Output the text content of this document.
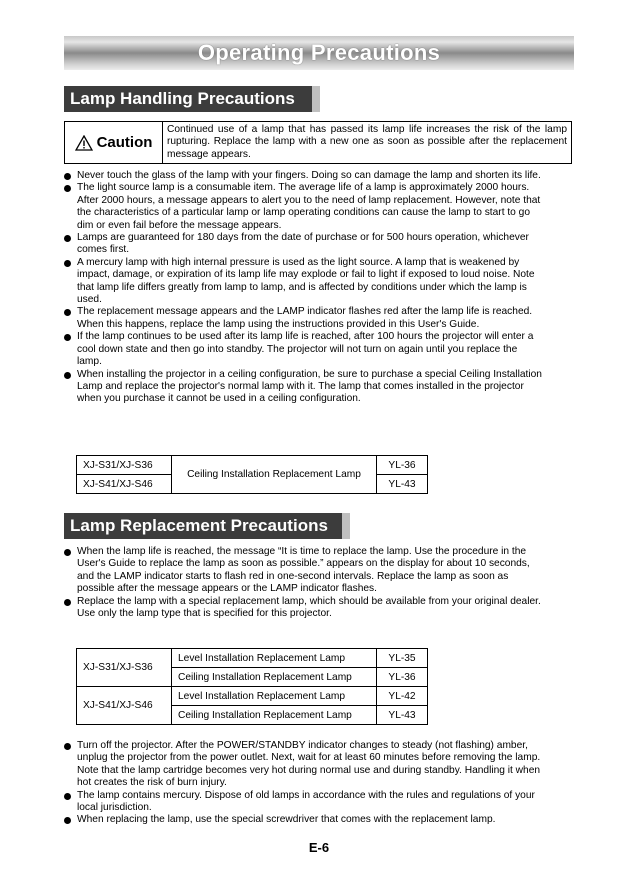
Operating Precautions
Lamp Handling Precautions
Caution
Continued use of a lamp that has passed its lamp life increases the risk of the lamp rupturing. Replace the lamp with a new one as soon as possible after the replacement message appears.
Never touch the glass of the lamp with your fingers. Doing so can damage the lamp and shorten its life.
The light source lamp is a consumable item. The average life of a lamp is approximately 2000 hours. After 2000 hours, a message appears to alert you to the need of lamp replacement. However, note that the characteristics of a particular lamp or lamp operating conditions can cause the lamp to start to go dim or even fail before the message appears.
Lamps are guaranteed for 180 days from the date of purchase or for 500 hours operation, whichever comes first.
A mercury lamp with high internal pressure is used as the light source. A lamp that is weakened by impact, damage, or expiration of its lamp life may explode or fail to light if exposed to loud noise. Note that lamp life differs greatly from lamp to lamp, and is affected by conditions under which the lamp is used.
The replacement message appears and the LAMP indicator flashes red after the lamp life is reached. When this happens, replace the lamp using the instructions provided in this User's Guide.
If the lamp continues to be used after its lamp life is reached, after 100 hours the projector will enter a cool down state and then go into standby. The projector will not turn on again until you replace the lamp.
When installing the projector in a ceiling configuration, be sure to purchase a special Ceiling Installation Lamp and replace the projector's normal lamp with it. The lamp that comes installed in the projector when you purchase it cannot be used in a ceiling configuration.
XJ-S31/XJ-S36	Ceiling Installation Replacement Lamp	YL-36
XJ-S41/XJ-S46		YL-43
Lamp Replacement Precautions
When the lamp life is reached, the message “It is time to replace the lamp. Use the procedure in the User's Guide to replace the lamp as soon as possible.” appears on the display for about 10 seconds, and the LAMP indicator starts to flash red in one-second intervals. Replace the lamp as soon as possible after the message appears or the LAMP indicator flashes.
Replace the lamp with a special replacement lamp, which should be available from your original dealer. Use only the lamp type that is specified for this projector.
XJ-S31/XJ-S36	Level Installation Replacement Lamp	YL-35
	Ceiling Installation Replacement Lamp	YL-36
XJ-S41/XJ-S46	Level Installation Replacement Lamp	YL-42
	Ceiling Installation Replacement Lamp	YL-43
Turn off the projector. After the POWER/STANDBY indicator changes to steady (not flashing) amber, unplug the projector from the power outlet. Next, wait for at least 60 minutes before removing the lamp. Note that the lamp cartridge becomes very hot during normal use and during standby. Handling it when hot creates the risk of burn injury.
The lamp contains mercury. Dispose of old lamps in accordance with the rules and regulations of your local jurisdiction.
When replacing the lamp, use the special screwdriver that comes with the replacement lamp.
E-6
